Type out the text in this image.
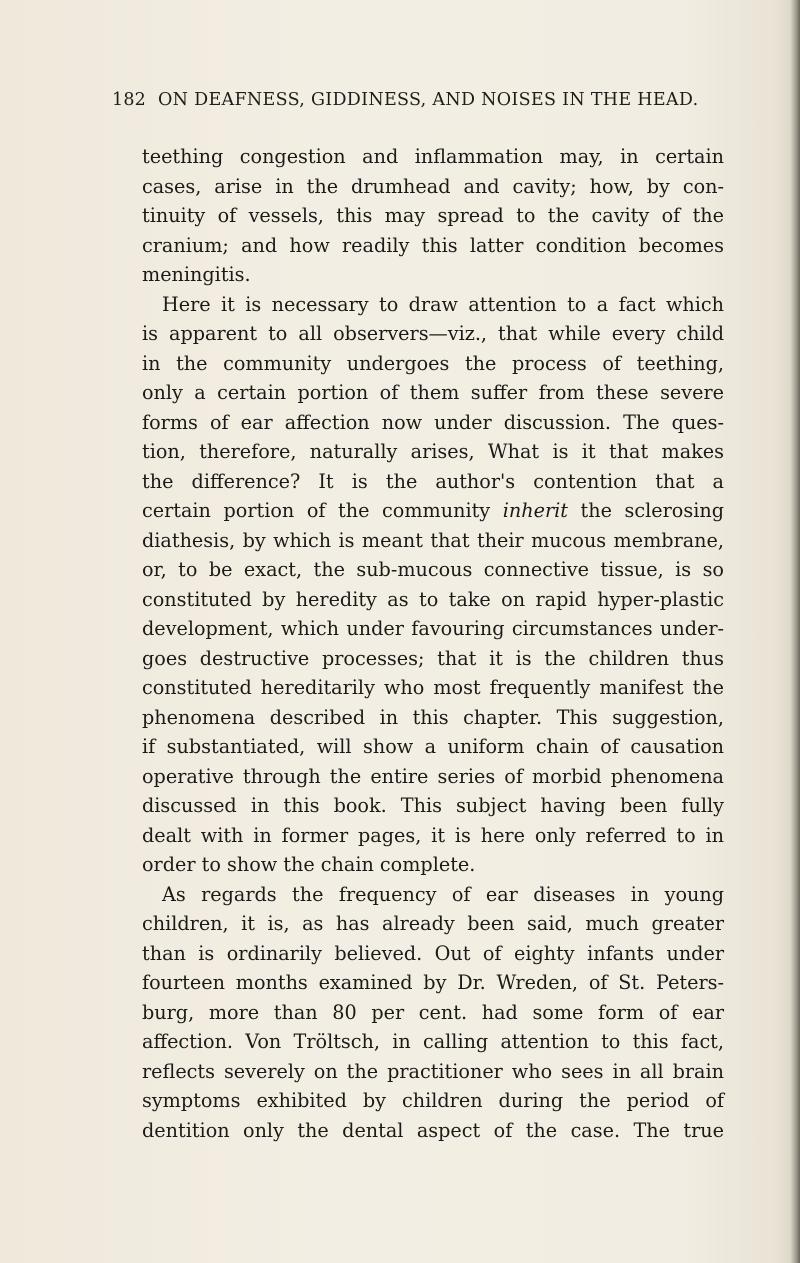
182 ON DEAFNESS, GIDDINESS, AND NOISES IN THE HEAD.
teething congestion and inflammation may, in certain
cases, arise in the drumhead and cavity; how, by con-
tinuity of vessels, this may spread to the cavity of the
cranium; and how readily this latter condition becomes
meningitis.
Here it is necessary to draw attention to a fact which
is apparent to all observers—viz., that while every child
in the community undergoes the process of teething,
only a certain portion of them suffer from these severe
forms of ear affection now under discussion. The ques-
tion, therefore, naturally arises, What is it that makes
the difference? It is the author's contention that a
certain portion of the community inherit the sclerosing
diathesis, by which is meant that their mucous membrane,
or, to be exact, the sub-mucous connective tissue, is so
constituted by heredity as to take on rapid hyper-plastic
development, which under favouring circumstances under-
goes destructive processes; that it is the children thus
constituted hereditarily who most frequently manifest the
phenomena described in this chapter. This suggestion,
if substantiated, will show a uniform chain of causation
operative through the entire series of morbid phenomena
discussed in this book. This subject having been fully
dealt with in former pages, it is here only referred to in
order to show the chain complete.
As regards the frequency of ear diseases in young
children, it is, as has already been said, much greater
than is ordinarily believed. Out of eighty infants under
fourteen months examined by Dr. Wreden, of St. Peters-
burg, more than 80 per cent. had some form of ear
affection. Von Tröltsch, in calling attention to this fact,
reflects severely on the practitioner who sees in all brain
symptoms exhibited by children during the period of
dentition only the dental aspect of the case. The true
